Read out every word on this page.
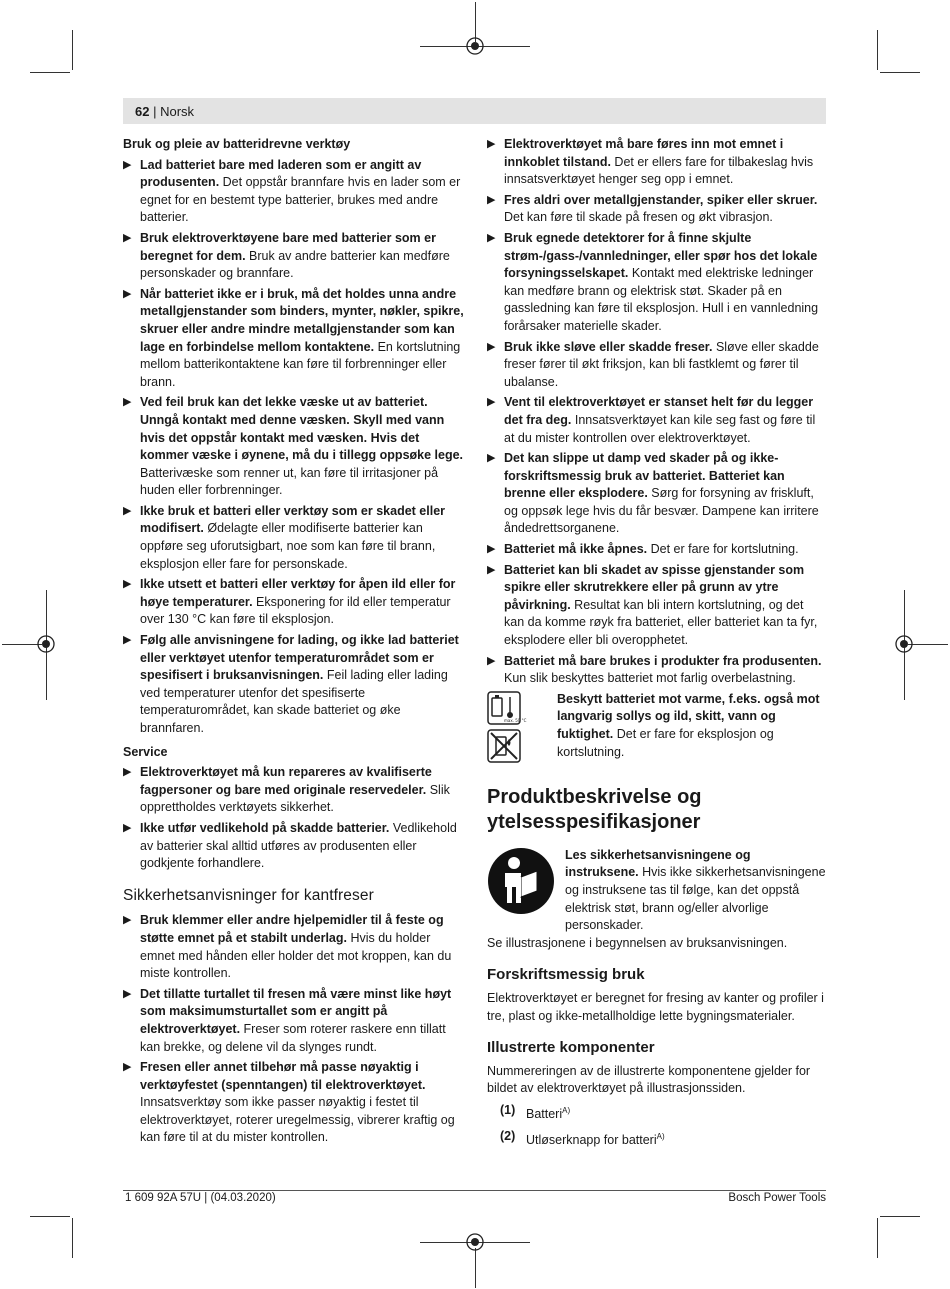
62 | Norsk
Bruk og pleie av batteridrevne verktøy
▶ Lad batteriet bare med laderen som er angitt av produsenten. Det oppstår brannfare hvis en lader som er egnet for en bestemt type batterier, brukes med andre batterier.
▶ Bruk elektroverktøyene bare med batterier som er beregnet for dem. Bruk av andre batterier kan medføre personskader og brannfare.
▶ Når batteriet ikke er i bruk, må det holdes unna andre metallgjenstander som binders, mynter, nøkler, spikre, skruer eller andre mindre metallgjenstander som kan lage en forbindelse mellom kontaktene. En kortslutning mellom batterikontaktene kan føre til forbrenninger eller brann.
▶ Ved feil bruk kan det lekke væske ut av batteriet. Unngå kontakt med denne væsken. Skyll med vann hvis det oppstår kontakt med væsken. Hvis det kommer væske i øynene, må du i tillegg oppsøke lege. Batterivæske som renner ut, kan føre til irritasjoner på huden eller forbrenninger.
▶ Ikke bruk et batteri eller verktøy som er skadet eller modifisert. Ødelagte eller modifiserte batterier kan oppføre seg uforutsigbart, noe som kan føre til brann, eksplosjon eller fare for personskade.
▶ Ikke utsett et batteri eller verktøy for åpen ild eller for høye temperaturer. Eksponering for ild eller temperatur over 130 °C kan føre til eksplosjon.
▶ Følg alle anvisningene for lading, og ikke lad batteriet eller verktøyet utenfor temperaturområdet som er spesifisert i bruksanvisningen. Feil lading eller lading ved temperaturer utenfor det spesifiserte temperaturområdet, kan skade batteriet og øke brannfaren.
Service
▶ Elektroverktøyet må kun repareres av kvalifiserte fagpersoner og bare med originale reservedeler. Slik opprettholdes verktøyets sikkerhet.
▶ Ikke utfør vedlikehold på skadde batterier. Vedlikehold av batterier skal alltid utføres av produsenten eller godkjente forhandlere.
Sikkerhetsanvisninger for kantfreser
▶ Bruk klemmer eller andre hjelpemidler til å feste og støtte emnet på et stabilt underlag. Hvis du holder emnet med hånden eller holder det mot kroppen, kan du miste kontrollen.
▶ Det tillatte turtallet til fresen må være minst like høyt som maksimumsturtallet som er angitt på elektroverktøyet. Freser som roterer raskere enn tillatt kan brekke, og delene vil da slynges rundt.
▶ Fresen eller annet tilbehør må passe nøyaktig i verktøyfestet (spenntangen) til elektroverktøyet. Innsatsverktøy som ikke passer nøyaktig i festet til elektroverktøyet, roterer uregelmessig, vibrerer kraftig og kan føre til at du mister kontrollen.
▶ Elektroverktøyet må bare føres inn mot emnet i innkoblet tilstand. Det er ellers fare for tilbakeslag hvis innsatsverktøyet henger seg opp i emnet.
▶ Fres aldri over metallgjenstander, spiker eller skruer. Det kan føre til skade på fresen og økt vibrasjon.
▶ Bruk egnede detektorer for å finne skjulte strøm-/gass-/vannledninger, eller spør hos det lokale forsyningsselskapet. Kontakt med elektriske ledninger kan medføre brann og elektrisk støt. Skader på en gassledning kan føre til eksplosjon. Hull i en vannledning forårsaker materielle skader.
▶ Bruk ikke sløve eller skadde freser. Sløve eller skadde freser fører til økt friksjon, kan bli fastklemt og fører til ubalanse.
▶ Vent til elektroverktøyet er stanset helt før du legger det fra deg. Innsatsverktøyet kan kile seg fast og føre til at du mister kontrollen over elektroverktøyet.
▶ Det kan slippe ut damp ved skader på og ikke-forskriftsmessig bruk av batteriet. Batteriet kan brenne eller eksplodere. Sørg for forsyning av friskluft, og oppsøk lege hvis du får besvær. Dampene kan irritere åndedrettsorganene.
▶ Batteriet må ikke åpnes. Det er fare for kortslutning.
▶ Batteriet kan bli skadet av spisse gjenstander som spikre eller skrutrekkere eller på grunn av ytre påvirkning. Resultat kan bli intern kortslutning, og det kan da komme røyk fra batteriet, eller batteriet kan ta fyr, eksplodere eller bli overopphetet.
▶ Batteriet må bare brukes i produkter fra produsenten. Kun slik beskyttes batteriet mot farlig overbelastning.
max. 50 °C
Beskytt batteriet mot varme, f.eks. også mot langvarig sollys og ild, skitt, vann og fuktighet. Det er fare for eksplosjon og kortslutning.
Produktbeskrivelse og ytelsesspesifikasjoner
Les sikkerhetsanvisningene og instruksene. Hvis ikke sikkerhetsanvisningene og instruksene tas til følge, kan det oppstå elektrisk støt, brann og/eller alvorlige personskader.
Se illustrasjonene i begynnelsen av bruksanvisningen.
Forskriftsmessig bruk
Elektroverktøyet er beregnet for fresing av kanter og profiler i tre, plast og ikke-metallholdige lette bygningsmaterialer.
Illustrerte komponenter
Nummereringen av de illustrerte komponentene gjelder for bildet av elektroverktøyet på illustrasjonssiden.
(1) Batteri$^{A)}$
(2) Utløserknapp for batteri$^{A)}$
1 609 92A 57U | (04.03.2020)	Bosch Power Tools
